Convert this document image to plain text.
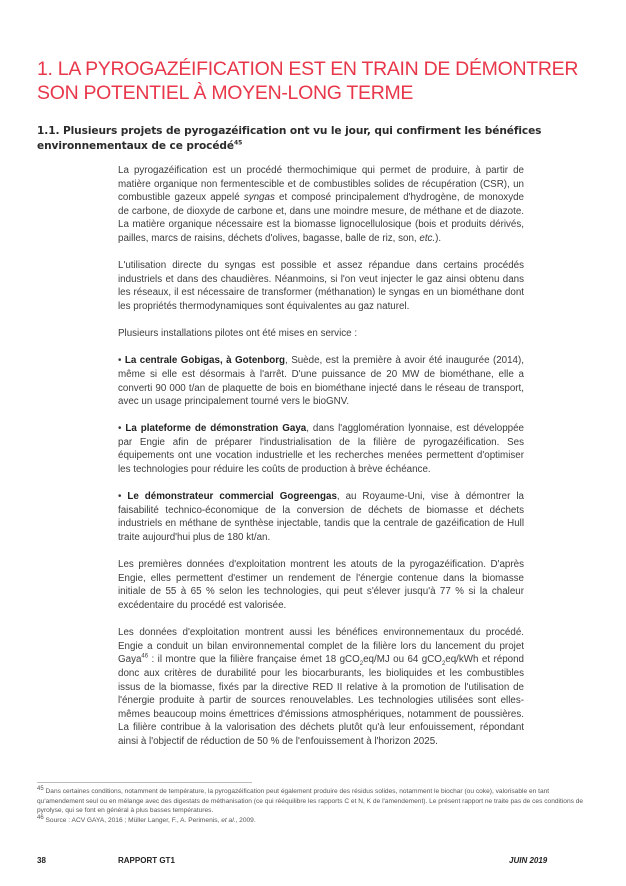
1. LA PYROGAZÉIFICATION EST EN TRAIN DE DÉMONTRER
SON POTENTIEL À MOYEN-LONG TERME
1.1. Plusieurs projets de pyrogazéification ont vu le jour, qui confirment les bénéfices environnementaux de ce procédé$^{45}$

La pyrogazéification est un procédé thermochimique qui permet de produire, à partir de matière organique non fermentescible et de combustibles solides de récupération (CSR), un combustible gazeux appelé syngas et composé principalement d'hydrogène, de monoxyde de carbone, de dioxyde de carbone et, dans une moindre mesure, de méthane et de diazote. La matière organique nécessaire est la biomasse lignocellulosique (bois et produits dérivés, pailles, marcs de raisins, déchets d'olives, bagasse, balle de riz, son, etc.).

L'utilisation directe du syngas est possible et assez répandue dans certains procédés industriels et dans des chaudières. Néanmoins, si l'on veut injecter le gaz ainsi obtenu dans les réseaux, il est nécessaire de transformer (méthanation) le syngas en un biométhane dont les propriétés thermodynamiques sont équivalentes au gaz naturel.

Plusieurs installations pilotes ont été mises en service :

• La centrale Gobigas, à Gotenborg, Suède, est la première à avoir été inaugurée (2014), même si elle est désormais à l'arrêt. D'une puissance de 20 MW de biométhane, elle a converti 90 000 t/an de plaquette de bois en biométhane injecté dans le réseau de transport, avec un usage principalement tourné vers le bioGNV.

• La plateforme de démonstration Gaya, dans l'agglomération lyonnaise, est développée par Engie afin de préparer l'industrialisation de la filière de pyrogazéification. Ses équipements ont une vocation industrielle et les recherches menées permettent d'optimiser les technologies pour réduire les coûts de production à brève échéance.

• Le démonstrateur commercial Gogreengas, au Royaume-Uni, vise à démontrer la faisabilité technico-économique de la conversion de déchets de biomasse et déchets industriels en méthane de synthèse injectable, tandis que la centrale de gazéification de Hull traite aujourd'hui plus de 180 kt/an.

Les premières données d'exploitation montrent les atouts de la pyrogazéification. D'après Engie, elles permettent d'estimer un rendement de l'énergie contenue dans la biomasse initiale de 55 à 65 % selon les technologies, qui peut s'élever jusqu'à 77 % si la chaleur excédentaire du procédé est valorisée.

Les données d'exploitation montrent aussi les bénéfices environnementaux du procédé. Engie a conduit un bilan environnemental complet de la filière lors du lancement du projet Gaya$^{46}$ : il montre que la filière française émet 18 gCO$_2$eq/MJ ou 64 gCO$_2$eq/kWh et répond donc aux critères de durabilité pour les biocarburants, les bioliquides et les combustibles issus de la biomasse, fixés par la directive RED II relative à la promotion de l'utilisation de l'énergie produite à partir de sources renouvelables. Les technologies utilisées sont elles-mêmes beaucoup moins émettrices d'émissions atmosphériques, notamment de poussières. La filière contribue à la valorisation des déchets plutôt qu'à leur enfouissement, répondant ainsi à l'objectif de réduction de 50 % de l'enfouissement à l'horizon 2025.

$^{45}$ Dans certaines conditions, notamment de température, la pyrogazéification peut également produire des résidus solides, notamment le biochar (ou coke), valorisable en tant qu'amendement seul ou en mélange avec des digestats de méthanisation (ce qui rééquilibre les rapports C et N, K de l'amendement). Le présent rapport ne traite pas de ces conditions de pyrolyse, qui se font en général à plus basses températures.
$^{46}$ Source : ACV GAYA, 2016 ; Müller Langer, F., A. Perimenis, et al., 2009.
38	RAPPORT GT1	JUIN 2019
